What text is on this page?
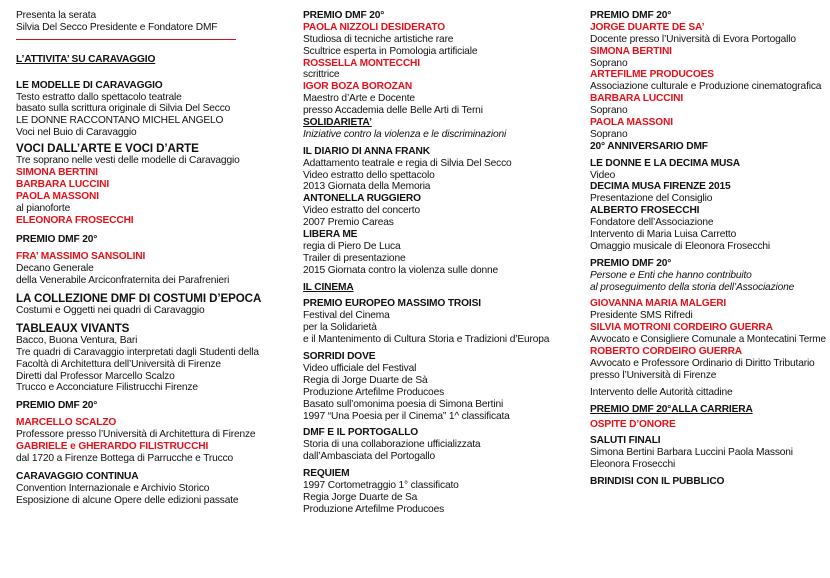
Presenta la serata
Silvia Del Secco Presidente e Fondatore DMF
L’ATTIVITA’ SU CARAVAGGIO
LE MODELLE DI CARAVAGGIO
Testo estratto dallo spettacolo teatrale
basato sulla scrittura originale di Silvia Del Secco
LE DONNE RACCONTANO MICHEL ANGELO
Voci nel Buio di Caravaggio
VOCI DALL’ARTE E VOCI D’ARTE
Tre soprano nelle vesti delle modelle di Caravaggio
SIMONA BERTINI
BARBARA LUCCINI
PAOLA MASSONI
al pianoforte
ELEONORA FROSECCHI
PREMIO DMF 20°
FRA’ MASSIMO SANSOLINI
Decano Generale
della Venerabile Arciconfraternita dei Parafrenieri
LA COLLEZIONE DMF DI COSTUMI D’EPOCA
Costumi e Oggetti nei quadri di Caravaggio
TABLEAUX VIVANTS
Bacco, Buona Ventura, Bari
Tre quadri di Caravaggio interpretati dagli Studenti della
Facoltà di Architettura dell’Università di Firenze
Diretti dal Professor Marcello Scalzo
Trucco e Acconciature Filistrucchi Firenze
PREMIO DMF 20°
MARCELLO SCALZO
Professore presso l’Università di Architettura di Firenze
GABRIELE e GHERARDO FILISTRUCCHI
dal 1720 a Firenze Bottega di Parrucche e Trucco
CARAVAGGIO CONTINUA
Convention Internazionale e Archivio Storico
Esposizione di alcune Opere delle edizioni passate
PREMIO DMF 20°
PAOLA NIZZOLI DESIDERATO
Studiosa di tecniche artistiche rare
Scultrice esperta in Pomologia artificiale
ROSSELLA MONTECCHI
scrittrice
IGOR BOZA BOROZAN
Maestro d’Arte e Docente
presso Accademia delle Belle Arti di Terni
SOLIDARIETA’
Iniziative contro la violenza e le discriminazioni
IL DIARIO DI ANNA FRANK
Adattamento teatrale e regia di Silvia Del Secco
Video estratto dello spettacolo
2013 Giornata della Memoria
ANTONELLA RUGGIERO
Video estratto del concerto
2007 Premio Careas
LIBERA ME
regia di Piero De Luca
Trailer di presentazione
2015 Giornata contro la violenza sulle donne
IL CINEMA
PREMIO EUROPEO MASSIMO TROISI
Festival del Cinema
per la Solidarietà
e il Mantenimento di Cultura Storia e Tradizioni d’Europa
SORRIDI DOVE
Video ufficiale del Festival
Regia di Jorge Duarte de Sà
Produzione Artefilme Producoes
Basato sull’omonima poesia di Simona Bertini
1997 “Una Poesia per il Cinema” 1^ classificata
DMF E IL PORTOGALLO
Storia di una collaborazione ufficializzata
dall’Ambasciata del Portogallo
REQUIEM
1997 Cortometraggio 1° classificato
Regia Jorge Duarte de Sa
Produzione Artefilme Producoes
PREMIO DMF 20°
JORGE DUARTE DE SA’
Docente presso l’Università di Evora Portogallo
SIMONA BERTINI
Soprano
ARTEFILME PRODUCOES
Associazione culturale e Produzione cinematografica
BARBARA LUCCINI
Soprano
PAOLA MASSONI
Soprano
20° ANNIVERSARIO DMF
LE DONNE E LA DECIMA MUSA
Video
DECIMA MUSA FIRENZE 2015
Presentazione del Consiglio
ALBERTO FROSECCHI
Fondatore dell’Associazione
Intervento di Maria Luisa Carretto
Omaggio musicale di Eleonora Frosecchi
PREMIO DMF 20°
Persone e Enti che hanno contribuito
al proseguimento della storia dell’Associazione
GIOVANNA MARIA MALGERI
Presidente SMS Rifredi
SILVIA MOTRONI CORDEIRO GUERRA
Avvocato e Consigliere Comunale a Montecatini Terme
ROBERTO CORDEIRO GUERRA
Avvocato e Professore Ordinario di Diritto Tributario
presso l’Università di Firenze
Intervento delle Autorità cittadine
PREMIO DMF 20°ALLA CARRIERA
OSPITE D’ONORE
SALUTI FINALI
Simona Bertini Barbara Luccini Paola Massoni
Eleonora Frosecchi
BRINDISI CON IL PUBBLICO
